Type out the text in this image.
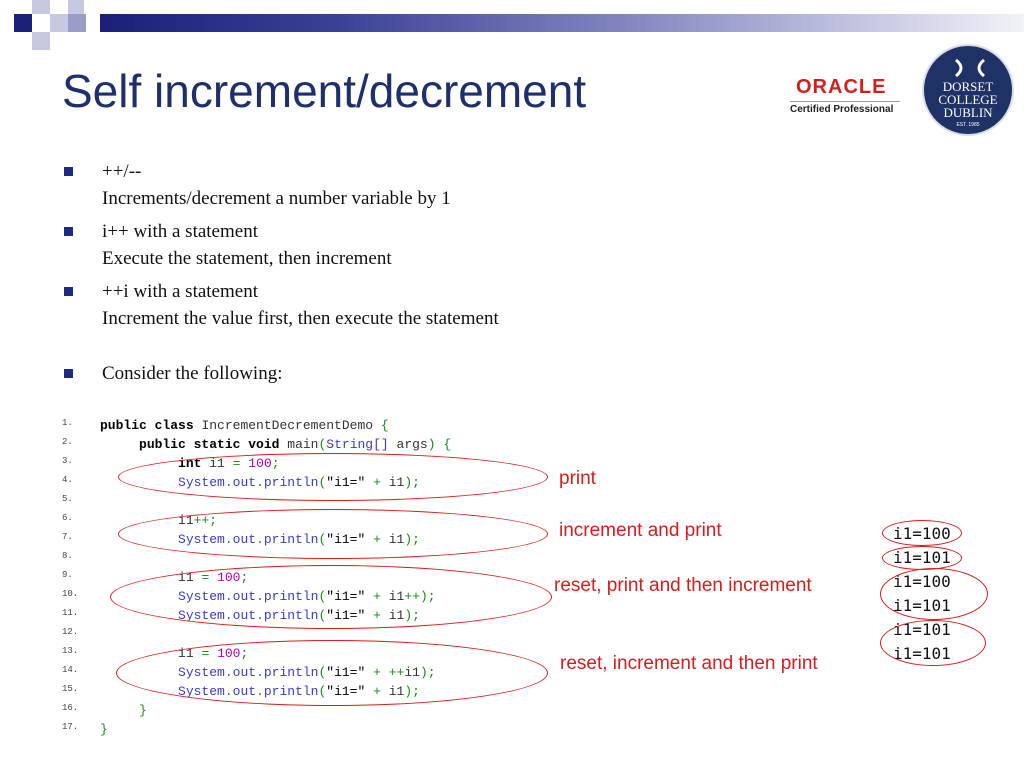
Self increment/decrement	ORACLE
Certified Professional
DORSET
COLLEGE
DUBLIN
EST. 1985
++/--
Increments/decrement a number variable by 1
i++ with a statement
Execute the statement, then increment
++i with a statement
Increment the value first, then execute the statement
Consider the following:
1. public class IncrementDecrementDemo {
2.	public static void main(String[] args) {
3.	int i1 = 100;
4.	System.out.println("i1=" + i1);
5.
6.	i1++;
7.	System.out.println("i1=" + i1);
8.
9.	i1 = 100;
10.	System.out.println("i1=" + i1++);
11.	System.out.println("i1=" + i1);
12.
13.	i1 = 100;
14.	System.out.println("i1=" + ++i1);
15.	System.out.println("i1=" + i1);
16.	}
17. }
print
increment and print
reset, print and then increment
reset, increment and then print
i1=100
i1=101
i1=100
i1=101
i1=101
i1=101
